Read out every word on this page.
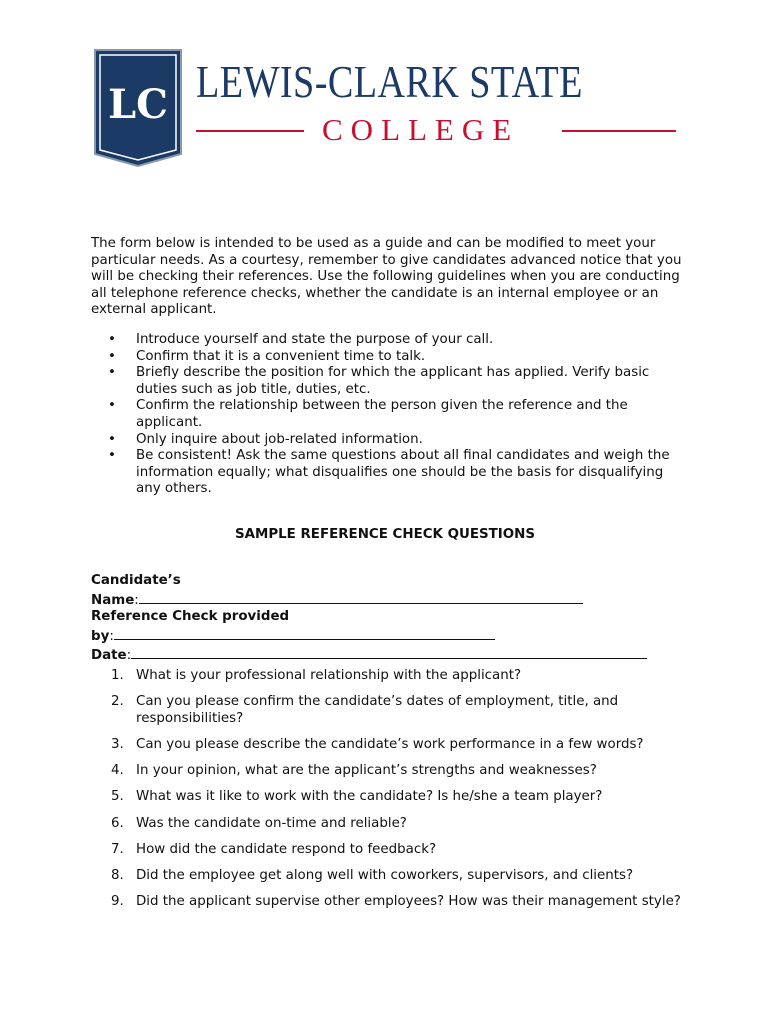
LC LEWIS-CLARK STATE
COLLEGE

The form below is intended to be used as a guide and can be modified to meet your particular needs. As a courtesy, remember to give candidates advanced notice that you will be checking their references. Use the following guidelines when you are conducting all telephone reference checks, whether the candidate is an internal employee or an external applicant.

• Introduce yourself and state the purpose of your call.
• Confirm that it is a convenient time to talk.
• Briefly describe the position for which the applicant has applied. Verify basic duties such as job title, duties, etc.
• Confirm the relationship between the person given the reference and the applicant.
• Only inquire about job-related information.
• Be consistent! Ask the same questions about all final candidates and weigh the information equally; what disqualifies one should be the basis for disqualifying any others.
SAMPLE REFERENCE CHECK QUESTIONS
Candidate’s
Name:
Reference Check provided
by:
Date:
1. What is your professional relationship with the applicant?
2. Can you please confirm the candidate’s dates of employment, title, and responsibilities?
3. Can you please describe the candidate’s work performance in a few words?
4. In your opinion, what are the applicant’s strengths and weaknesses?
5. What was it like to work with the candidate? Is he/she a team player?
6. Was the candidate on-time and reliable?
7. How did the candidate respond to feedback?
8. Did the employee get along well with coworkers, supervisors, and clients?
9. Did the applicant supervise other employees? How was their management style?
